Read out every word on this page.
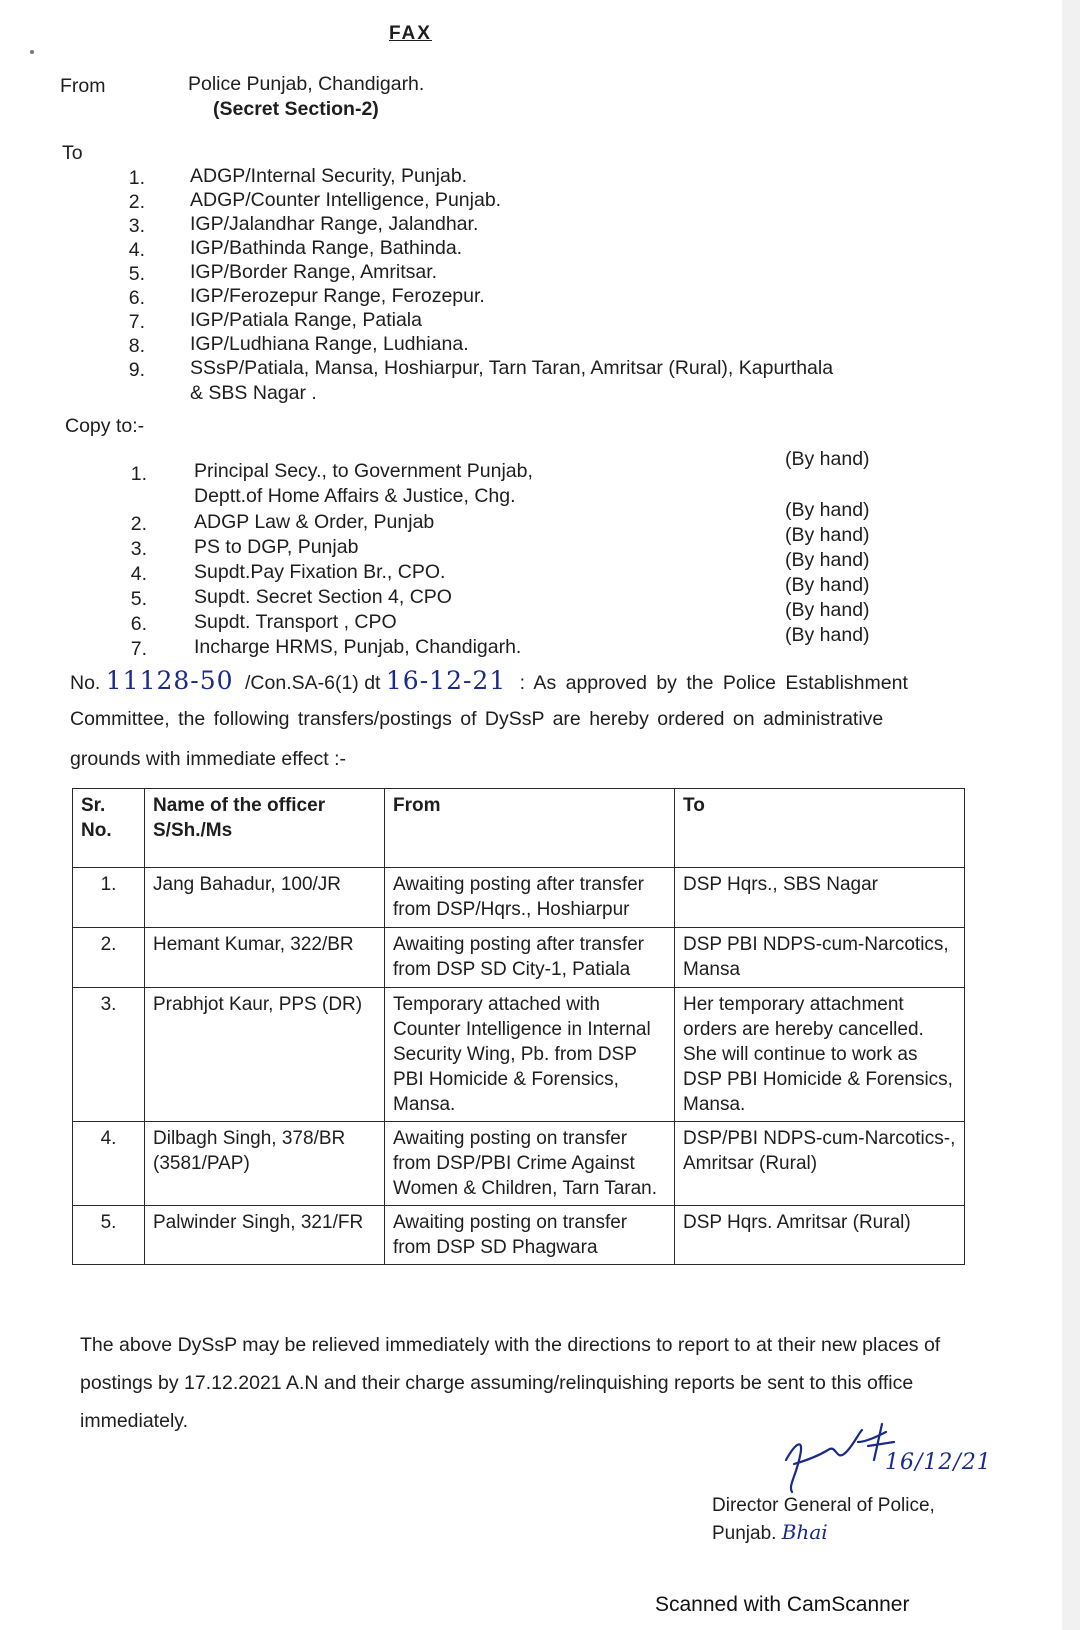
FAX
From	Police Punjab, Chandigarh.
(Secret Section-2)
To
1. ADGP/Internal Security, Punjab.
2. ADGP/Counter Intelligence, Punjab.
3. IGP/Jalandhar Range, Jalandhar.
4. IGP/Bathinda Range, Bathinda.
5. IGP/Border Range, Amritsar.
6. IGP/Ferozepur Range, Ferozepur.
7. IGP/Patiala Range, Patiala
8. IGP/Ludhiana Range, Ludhiana.
9. SSsP/Patiala, Mansa, Hoshiarpur, Tarn Taran, Amritsar (Rural), Kapurthala
& SBS Nagar .
Copy to:-
1. Principal Secy., to Government Punjab,
Deptt.of Home Affairs & Justice, Chg.
(By hand)
2. ADGP Law & Order, Punjab
(By hand)
3. PS to DGP, Punjab
(By hand)
4. Supdt.Pay Fixation Br., CPO.
(By hand)
5. Supdt. Secret Section 4, CPO
(By hand)
6. Supdt. Transport , CPO
(By hand)
7. Incharge HRMS, Punjab, Chandigarh.
(By hand)
No. 11128-50 /Con.SA-6(1) dt 16-12-21 : As approved by the Police Establishment
Committee, the following transfers/postings of DySsP are hereby ordered on administrative
grounds with immediate effect :-
Sr. No.	Name of the officer S/Sh./Ms	From	To
1.	Jang Bahadur, 100/JR	Awaiting posting after transfer from DSP/Hqrs., Hoshiarpur	DSP Hqrs., SBS Nagar
2.	Hemant Kumar, 322/BR	Awaiting posting after transfer from DSP SD City-1, Patiala	DSP PBI NDPS-cum-Narcotics, Mansa
3.	Prabhjot Kaur, PPS (DR)	Temporary attached with Counter Intelligence in Internal Security Wing, Pb. from DSP PBI Homicide & Forensics, Mansa.	Her temporary attachment orders are hereby cancelled. She will continue to work as DSP PBI Homicide & Forensics, Mansa.
4.	Dilbagh Singh, 378/BR (3581/PAP)	Awaiting posting on transfer from DSP/PBI Crime Against Women & Children, Tarn Taran.	DSP/PBI NDPS-cum-Narcotics-, Amritsar (Rural)
5.	Palwinder Singh, 321/FR	Awaiting posting on transfer from DSP SD Phagwara	DSP Hqrs. Amritsar (Rural)
The above DySsP may be relieved immediately with the directions to report to at their new places of postings by 17.12.2021 A.N and their charge assuming/relinquishing reports be sent to this office immediately.
16/12/21
Director General of Police,
Punjab. Bhai
Scanned with CamScanner
